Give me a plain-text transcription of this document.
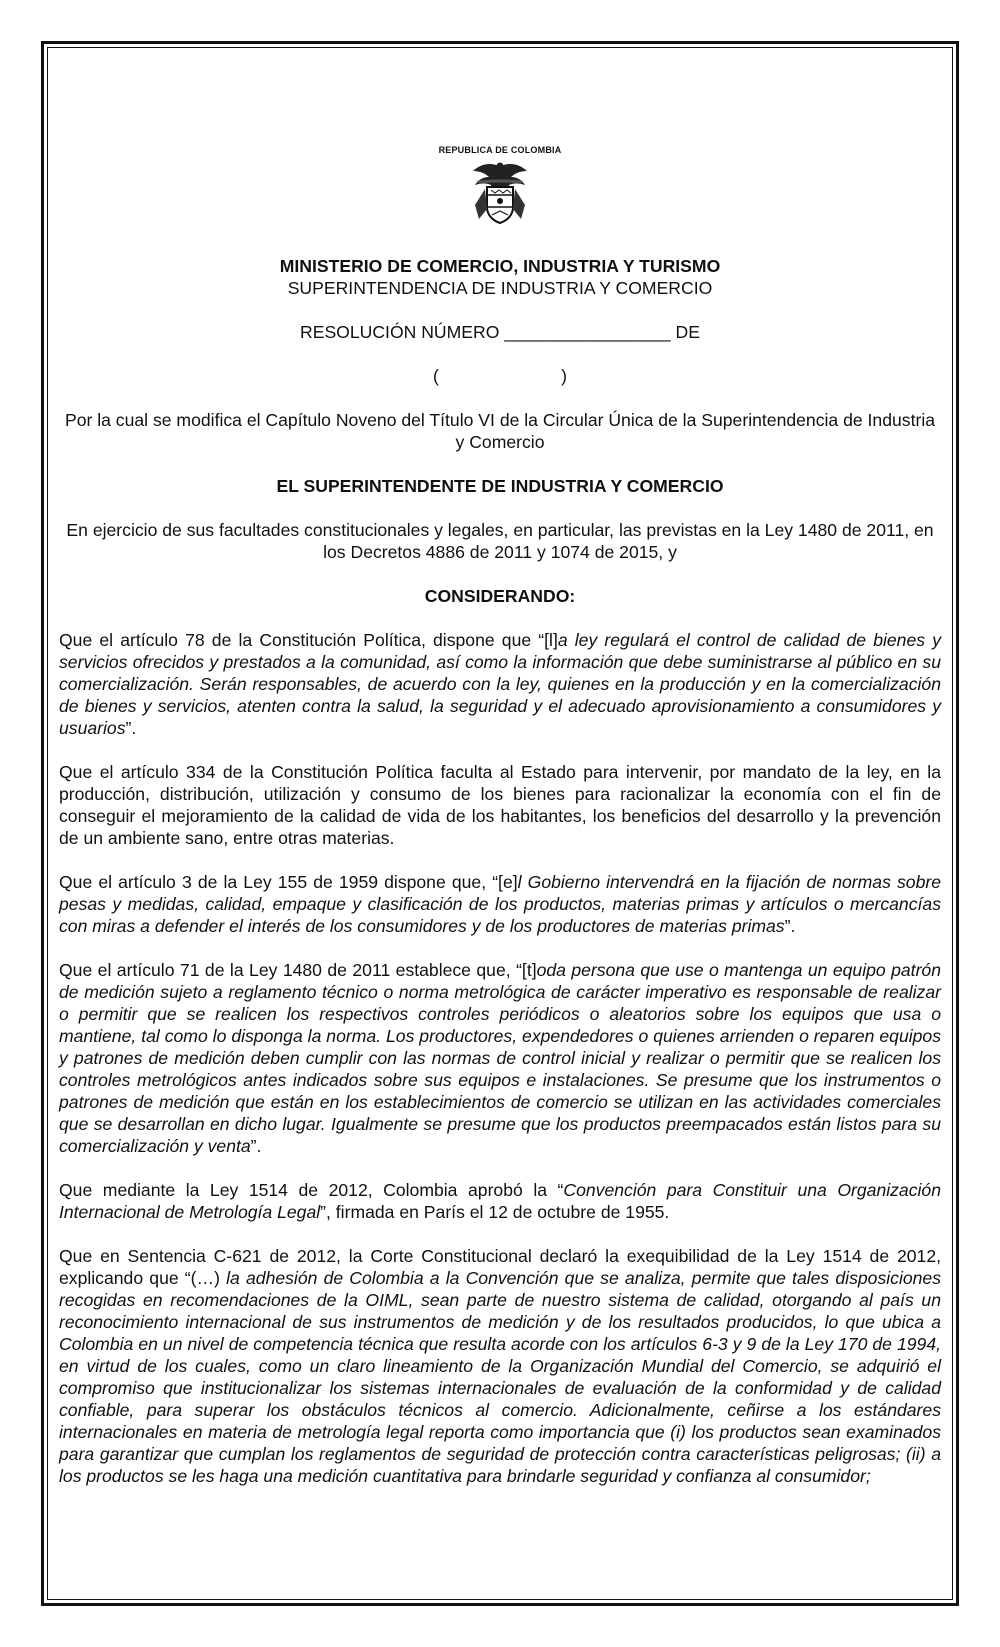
REPUBLICA DE COLOMBIA
MINISTERIO DE COMERCIO, INDUSTRIA Y TURISMO
SUPERINTENDENCIA DE INDUSTRIA Y COMERCIO
RESOLUCIÓN NÚMERO _________________ DE
(                         )
Por la cual se modifica el Capítulo Noveno del Título VI de la Circular Única de la Superintendencia de Industria y Comercio
EL SUPERINTENDENTE DE INDUSTRIA Y COMERCIO
En ejercicio de sus facultades constitucionales y legales, en particular, las previstas en la Ley 1480 de 2011, en los Decretos 4886 de 2011 y 1074 de 2015, y
CONSIDERANDO:
Que el artículo 78 de la Constitución Política, dispone que “[l]a ley regulará el control de calidad de bienes y servicios ofrecidos y prestados a la comunidad, así como la información que debe suministrarse al público en su comercialización. Serán responsables, de acuerdo con la ley, quienes en la producción y en la comercialización de bienes y servicios, atenten contra la salud, la seguridad y el adecuado aprovisionamiento a consumidores y usuarios”.
Que el artículo 334 de la Constitución Política faculta al Estado para intervenir, por mandato de la ley, en la producción, distribución, utilización y consumo de los bienes para racionalizar la economía con el fin de conseguir el mejoramiento de la calidad de vida de los habitantes, los beneficios del desarrollo y la prevención de un ambiente sano, entre otras materias.
Que el artículo 3 de la Ley 155 de 1959 dispone que, “[e]l Gobierno intervendrá en la fijación de normas sobre pesas y medidas, calidad, empaque y clasificación de los productos, materias primas y artículos o mercancías con miras a defender el interés de los consumidores y de los productores de materias primas”.
Que el artículo 71 de la Ley 1480 de 2011 establece que, “[t]oda persona que use o mantenga un equipo patrón de medición sujeto a reglamento técnico o norma metrológica de carácter imperativo es responsable de realizar o permitir que se realicen los respectivos controles periódicos o aleatorios sobre los equipos que usa o mantiene, tal como lo disponga la norma. Los productores, expendedores o quienes arrienden o reparen equipos y patrones de medición deben cumplir con las normas de control inicial y realizar o permitir que se realicen los controles metrológicos antes indicados sobre sus equipos e instalaciones. Se presume que los instrumentos o patrones de medición que están en los establecimientos de comercio se utilizan en las actividades comerciales que se desarrollan en dicho lugar. Igualmente se presume que los productos preempacados están listos para su comercialización y venta”.
Que mediante la Ley 1514 de 2012, Colombia aprobó la “Convención para Constituir una Organización Internacional de Metrología Legal”, firmada en París el 12 de octubre de 1955.
Que en Sentencia C-621 de 2012, la Corte Constitucional declaró la exequibilidad de la Ley 1514 de 2012, explicando que “(…) la adhesión de Colombia a la Convención que se analiza, permite que tales disposiciones recogidas en recomendaciones de la OIML, sean parte de nuestro sistema de calidad, otorgando al país un reconocimiento internacional de sus instrumentos de medición y de los resultados producidos, lo que ubica a Colombia en un nivel de competencia técnica que resulta acorde con los artículos 6-3 y 9 de la Ley 170 de 1994, en virtud de los cuales, como un claro lineamiento de la Organización Mundial del Comercio, se adquirió el compromiso que institucionalizar los sistemas internacionales de evaluación de la conformidad y de calidad confiable, para superar los obstáculos técnicos al comercio. Adicionalmente, ceñirse a los estándares internacionales en materia de metrología legal reporta como importancia que (i) los productos sean examinados para garantizar que cumplan los reglamentos de seguridad de protección contra características peligrosas; (ii) a los productos se les haga una medición cuantitativa para brindarle seguridad y confianza al consumidor;
